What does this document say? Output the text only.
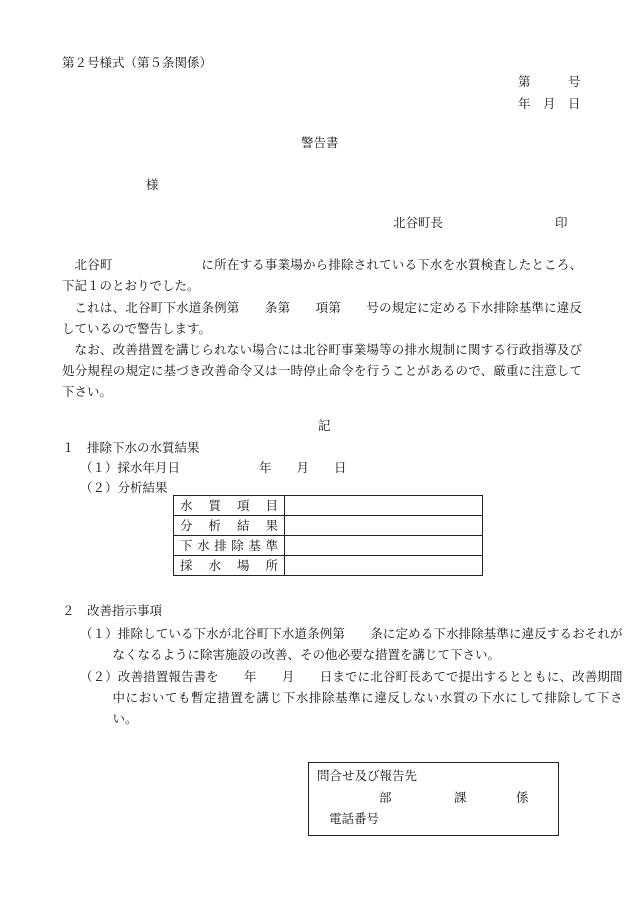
第２号様式（第５条関係）
第　　　号
年　月　日
警告書
様
北谷町長	印
北谷町　　　　　　　に所在する事業場から排除されている下水を水質検査したところ、下記１のとおりでした。
これは、北谷町下水道条例第　　条第　　項第　　号の規定に定める下水排除基準に違反しているので警告します。
なお、改善措置を講じられない場合には北谷町事業場等の排水規制に関する行政指導及び処分規程の規定に基づき改善命令又は一時停止命令を行うことがあるので、厳重に注意して下さい。
記
１　排除下水の水質結果
（１）採水年月日	年　　月　　日
（２）分析結果
水質項目	
分析結果	
下水排除基準	
採水場所	
２　改善指示事項
（１）排除している下水が北谷町下水道条例第　　条に定める下水排除基準に違反するおそれがなくなるように除害施設の改善、その他必要な措置を講じて下さい。
（２）改善措置報告書を　　年　　月　　日までに北谷町長あてで提出するとともに、改善期間中においても暫定措置を講じ下水排除基準に違反しない水質の下水にして排除して下さい。
問合せ及び報告先
部	課	係
電話番号
